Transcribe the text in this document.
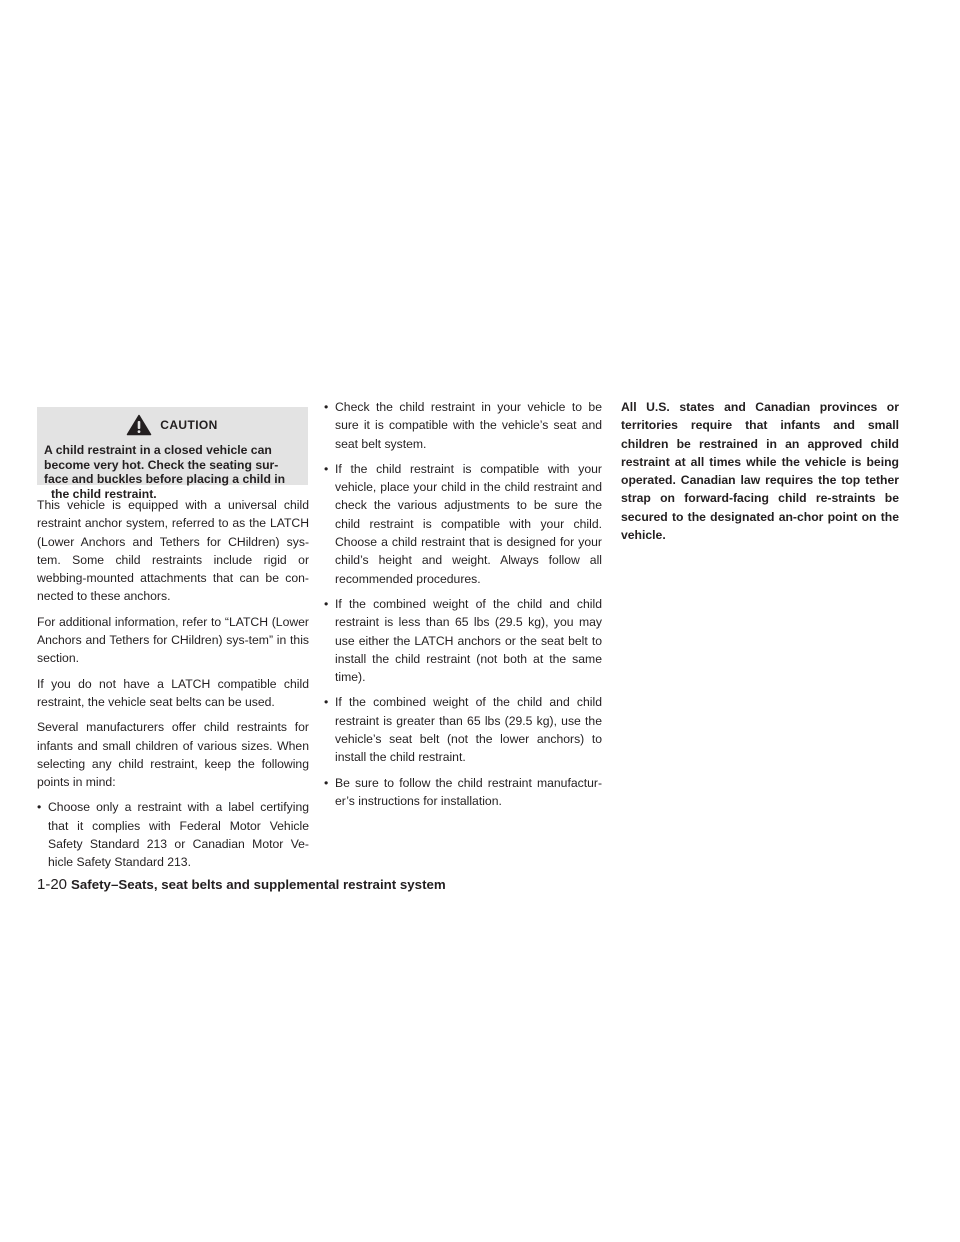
CAUTION

A child restraint in a closed vehicle can
become very hot. Check the seating sur-
face and buckles before placing a child in
the child restraint.

This vehicle is equipped with a universal child restraint anchor system, referred to as the LATCH (Lower Anchors and Tethers for CHildren) sys-tem. Some child restraints include rigid or webbing-mounted attachments that can be con-nected to these anchors.

For additional information, refer to “LATCH (Lower Anchors and Tethers for CHildren) sys-tem” in this section.

If you do not have a LATCH compatible child restraint, the vehicle seat belts can be used.

Several manufacturers offer child restraints for infants and small children of various sizes. When selecting any child restraint, keep the following points in mind:

• Choose only a restraint with a label certifying that it complies with Federal Motor Vehicle Safety Standard 213 or Canadian Motor Ve-hicle Safety Standard 213.
• Check the child restraint in your vehicle to be sure it is compatible with the vehicle’s seat and seat belt system.
• If the child restraint is compatible with your vehicle, place your child in the child restraint and check the various adjustments to be sure the child restraint is compatible with your child. Choose a child restraint that is designed for your child’s height and weight. Always follow all recommended procedures.
• If the combined weight of the child and child restraint is less than 65 lbs (29.5 kg), you may use either the LATCH anchors or the seat belt to install the child restraint (not both at the same time).
• If the combined weight of the child and child restraint is greater than 65 lbs (29.5 kg), use the vehicle’s seat belt (not the lower anchors) to install the child restraint.
• Be sure to follow the child restraint manufactur-er’s instructions for installation.

All U.S. states and Canadian provinces or territories require that infants and small children be restrained in an approved child restraint at all times while the vehicle is being operated. Canadian law requires the top tether strap on forward-facing child re-straints be secured to the designated an-chor point on the vehicle.

1-20 Safety–Seats, seat belts and supplemental restraint system
